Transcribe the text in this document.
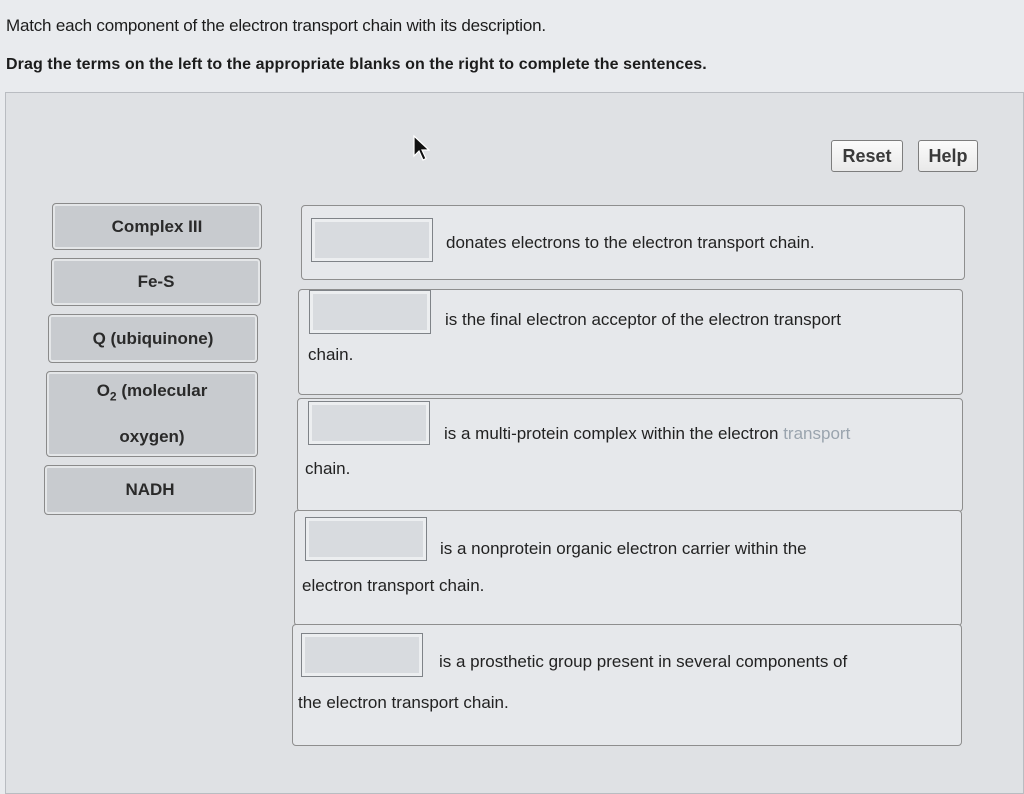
Match each component of the electron transport chain with its description.
Drag the terms on the left to the appropriate blanks on the right to complete the sentences.
Reset	Help
Complex III
Fe-S
Q (ubiquinone)
$O_2$ (molecular
oxygen)
NADH
donates electrons to the electron transport chain.
is the final electron acceptor of the electron transport
chain.
is a multi-protein complex within the electron transport
chain.
is a nonprotein organic electron carrier within the
electron transport chain.
is a prosthetic group present in several components of
the electron transport chain.
